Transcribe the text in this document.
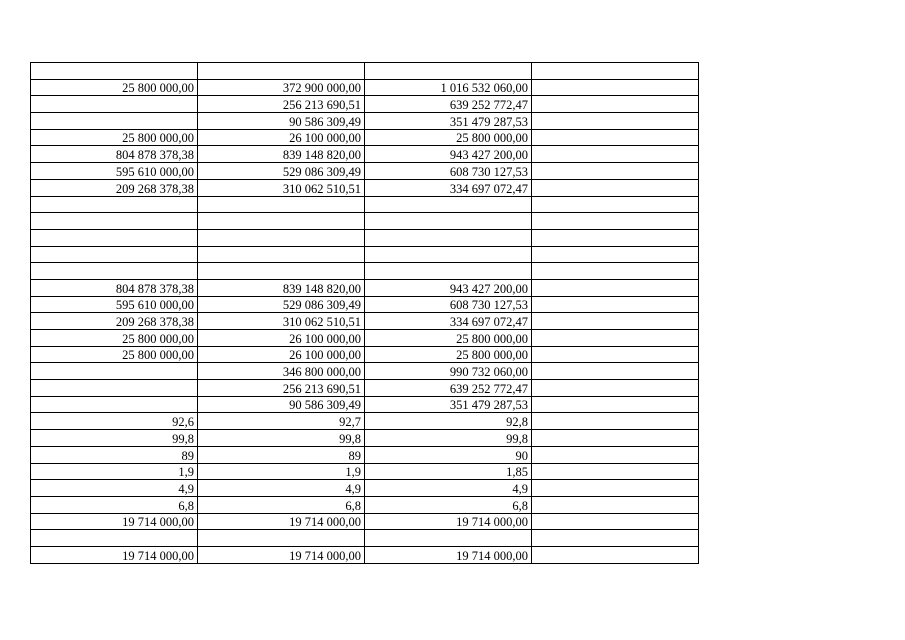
25 800 000,00	372 900 000,00	1 016 532 060,00	
	256 213 690,51	639 252 772,47	
	90 586 309,49	351 479 287,53	
25 800 000,00	26 100 000,00	25 800 000,00	
804 878 378,38	839 148 820,00	943 427 200,00	
595 610 000,00	529 086 309,49	608 730 127,53	
209 268 378,38	310 062 510,51	334 697 072,47	

804 878 378,38	839 148 820,00	943 427 200,00	
595 610 000,00	529 086 309,49	608 730 127,53	
209 268 378,38	310 062 510,51	334 697 072,47	
25 800 000,00	26 100 000,00	25 800 000,00	
25 800 000,00	26 100 000,00	25 800 000,00	
	346 800 000,00	990 732 060,00	
	256 213 690,51	639 252 772,47	
	90 586 309,49	351 479 287,53	
92,6	92,7	92,8	
99,8	99,8	99,8	
89	89	90	
1,9	1,9	1,85	
4,9	4,9	4,9	
6,8	6,8	6,8	
19 714 000,00	19 714 000,00	19 714 000,00	

19 714 000,00	19 714 000,00	19 714 000,00	
